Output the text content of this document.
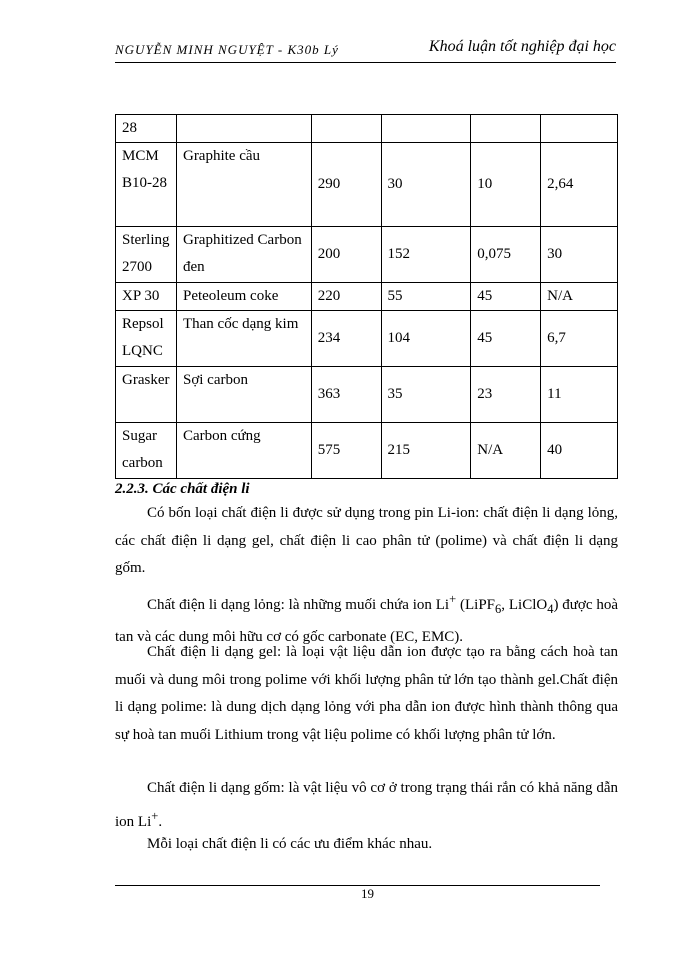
NGUYỄN MINH NGUYỆT - K30b Lý	Khoá luận tốt nghiệp đại học
28					
MCM B10-28	Graphite cầu	290	30	10	2,64
Sterling 2700	Graphitized Carbon đen	200	152	0,075	30
XP 30	Peteoleum coke	220	55	45	N/A
Repsol LQNC	Than cốc dạng kim	234	104	45	6,7
Grasker	Sợi carbon	363	35	23	11
Sugar carbon	Carbon cứng	575	215	N/A	40
2.2.3. Các chất điện li
Có bốn loại chất điện li được sử dụng trong pin Li-ion: chất điện li dạng lỏng, các chất điện li dạng gel, chất điện li cao phân tử (polime) và chất điện li dạng gốm.
Chất điện li dạng lỏng: là những muối chứa ion Li+ (LiPF$_6$, LiClO$_4$) được hoà tan và các dung môi hữu cơ có gốc carbonate (EC, EMC).
Chất điện li dạng gel: là loại vật liệu dẫn ion được tạo ra bằng cách hoà tan muối và dung môi trong polime với khối lượng phân tử lớn tạo thành gel.Chất điện li dạng polime: là dung dịch dạng lỏng với pha dẫn ion được hình thành thông qua sự hoà tan muối Lithium trong vật liệu polime có khối lượng phân tử lớn.
Chất điện li dạng gốm: là vật liệu vô cơ ở trong trạng thái rắn có khả năng dẫn ion Li+.
Mỗi loại chất điện li có các ưu điểm khác nhau.
19
